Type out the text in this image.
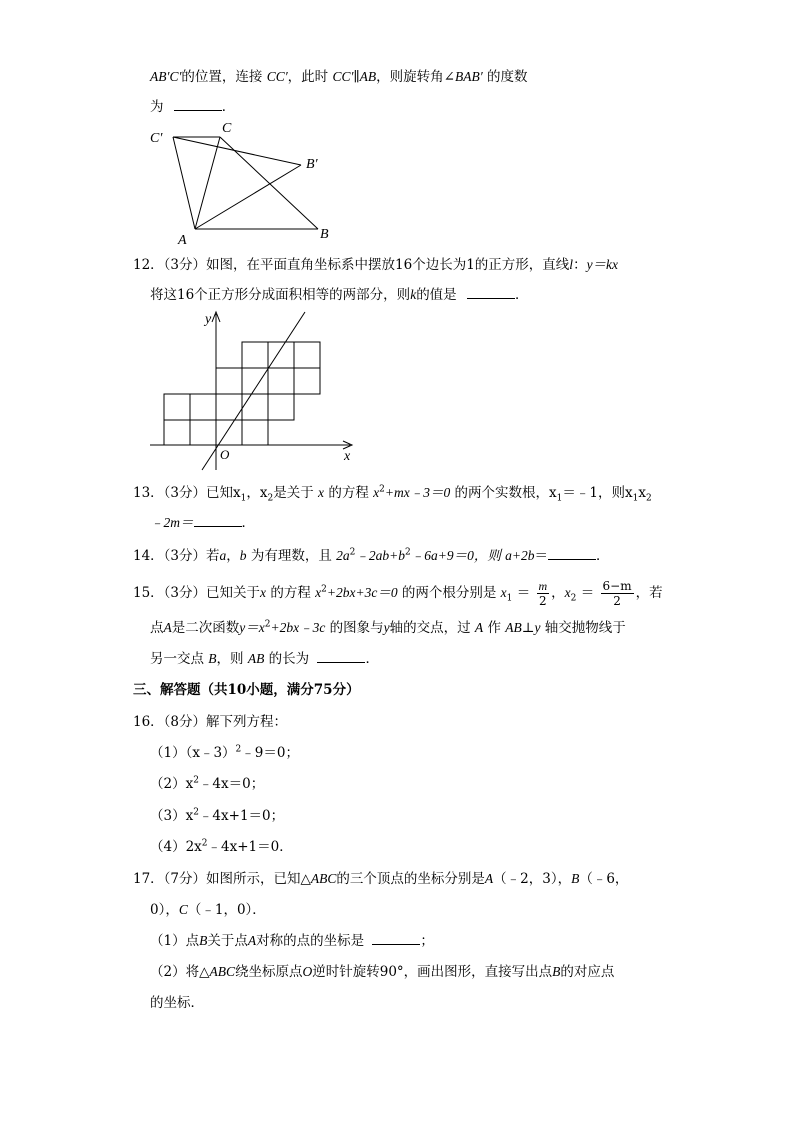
AB′C′的位置，连接 CC′，此时 CC′∥AB，则旋转角∠BAB′ 的度数
为	．
C′
C
B′
A	B
12．（3分）如图，在平面直角坐标系中摆放16个边长为1的正方形，直线l：y＝kx
将这16个正方形分成面积相等的两部分，则k的值是	．
y
O	x
13．（3分）已知$x_1$，$x_2$是关于 x 的方程 $x^2+mx﹣3=0$ 的两个实数根，$x_1=﹣1$，则$x_1x_2$
﹣2m＝	．
14．（3分）若a，b 为有理数，且 $2a^2﹣2ab+b^2﹣6a+9=0$，则 a+2b＝	．
15．（3分）已知关于x 的方程 $x^2+2bx+3c=0$ 的两个根分别是 $x_1 = \frac{m}{2}$ ，$x_2 = \frac{6-m}{2}$ ，若
点A是二次函数$y=x^2+2bx﹣3c$ 的图象与y轴的交点，过 A 作 AB⊥y 轴交抛物线于
另一交点 B，则 AB 的长为	．
三、解答题（共10小题，满分75分）
16．（8分）解下列方程：
（1）（x﹣3）$^2$﹣9＝0；
$(2)x^2﹣4x=0$；
$(3)x^2﹣4x+1=0$；
$(4)2x^2﹣4x+1=0$．
17．（7分）如图所示，已知△ABC的三个顶点的坐标分别是A（﹣2，3），B（﹣6，
0），C（﹣1，0）．
（1）点B关于点A对称的点的坐标是	；
（2）将△ABC绕坐标原点O逆时针旋转90°，画出图形，直接写出点B的对应点
的坐标．
